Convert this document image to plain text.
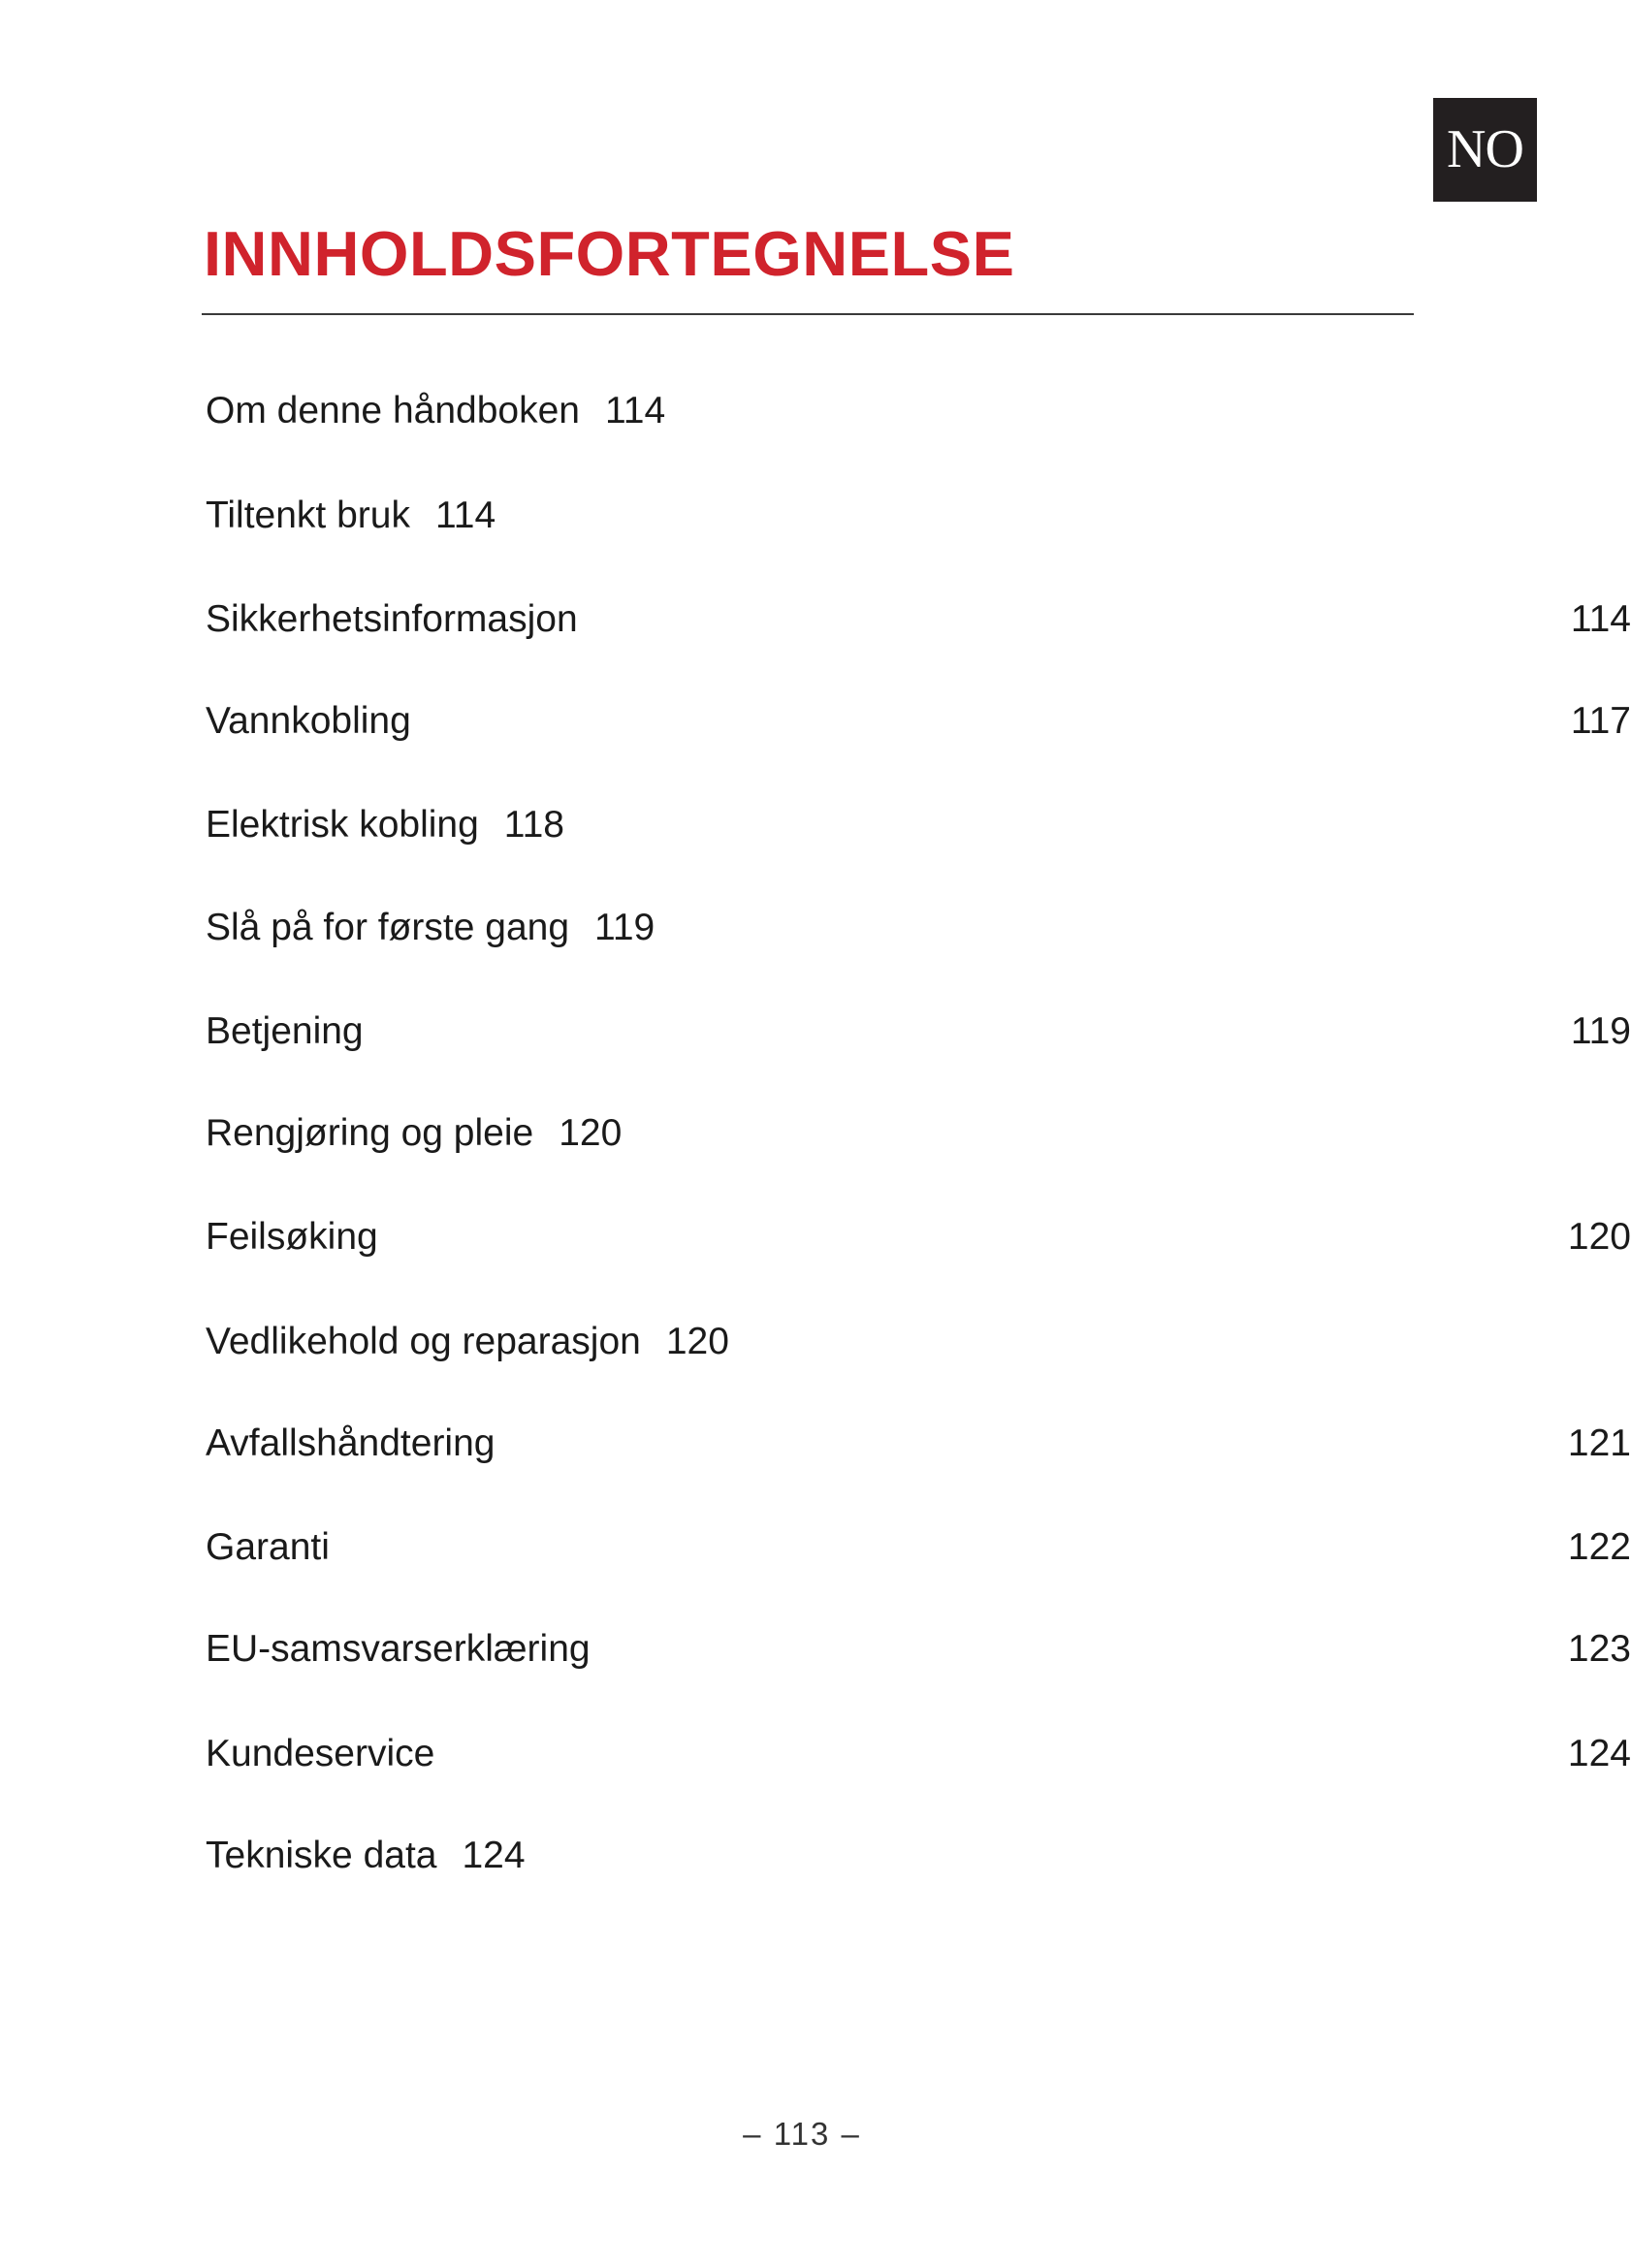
NO
INNHOLDSFORTEGNELSE
Om denne håndboken 114
Tiltenkt bruk 114
Sikkerhetsinformasjon	114
Vannkobling	117
Elektrisk kobling 118
Slå på for første gang 119
Betjening	119
Rengjøring og pleie 120
Feilsøking	120
Vedlikehold og reparasjon 120
Avfallshåndtering	121
Garanti	122
EU-samsvarserklæring	123
Kundeservice	124
Tekniske data 124
– 113 –
